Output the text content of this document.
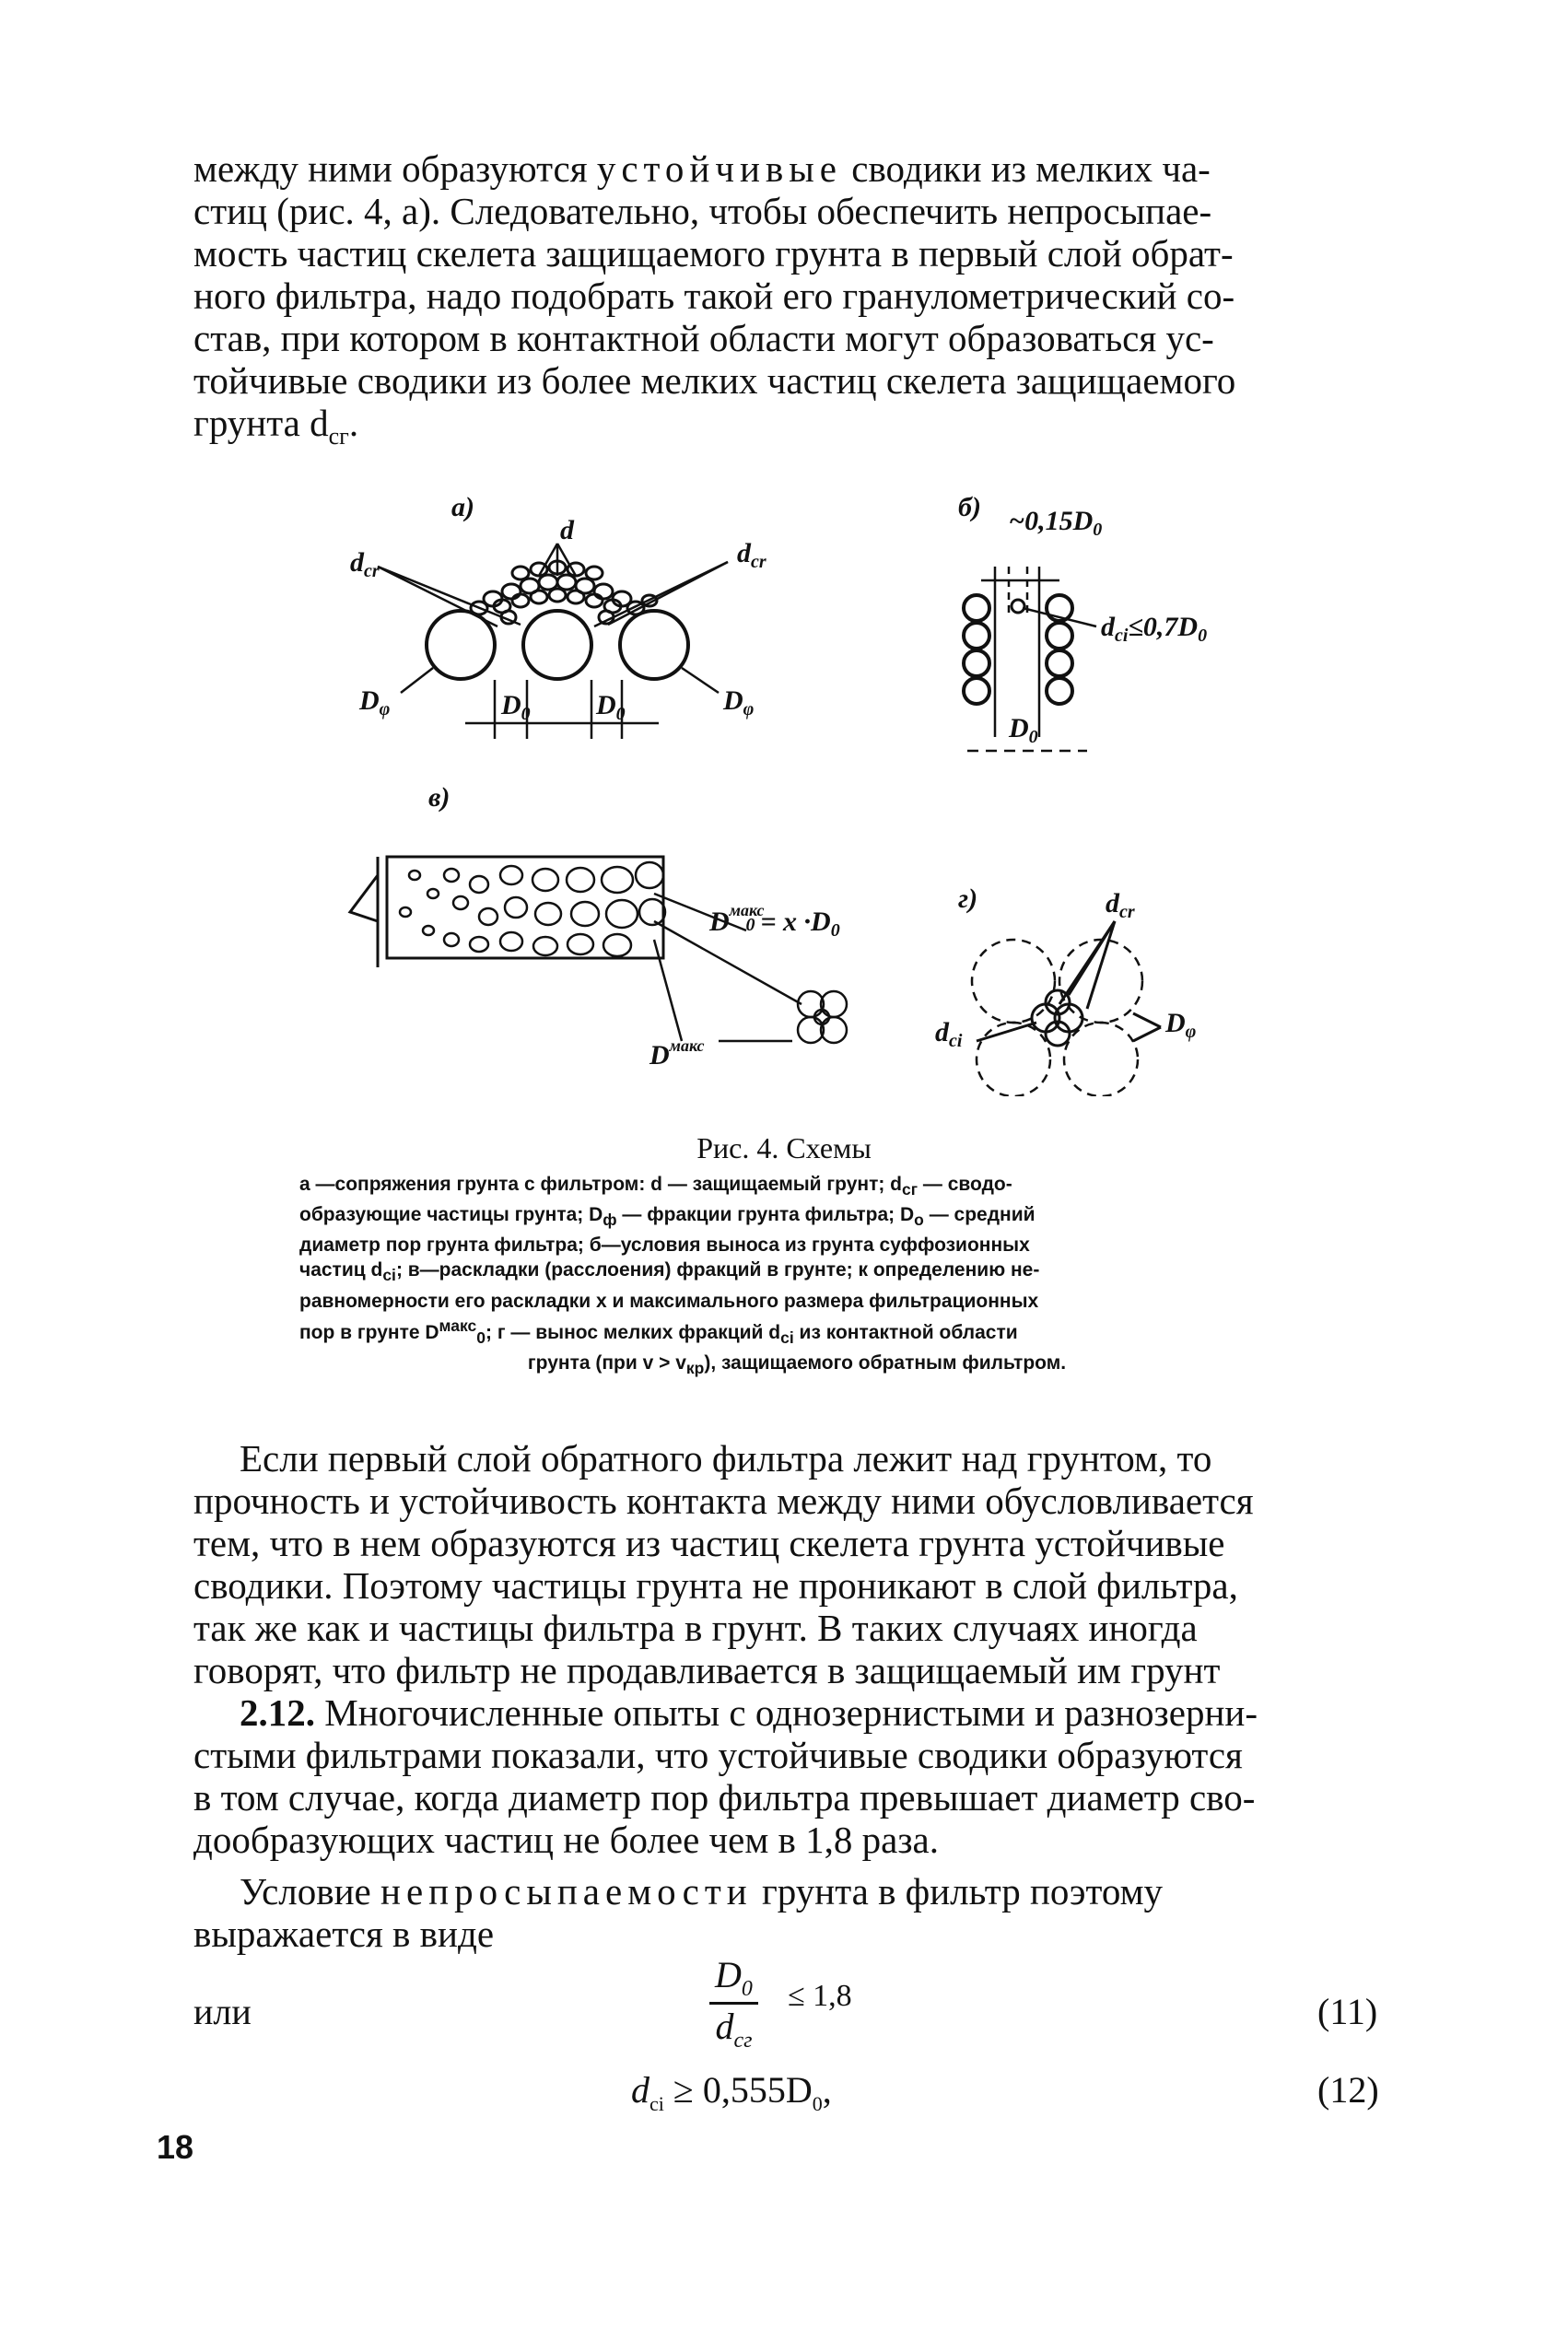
между ними образуются устойчивые сводики из мелких ча-
стиц (рис. 4, а). Следовательно, чтобы обеспечить непросыпае-
мость частиц скелета защищаемого грунта в первый слой обрат-
ного фильтра, надо подобрать такой его гранулометрический со-
став, при котором в контактной области могут образоваться ус-
тойчивые сводики из более мелких частиц скелета защищаемого
грунта $d_{сг}$.
а)
d
$d_{cr}$
$d_{cr}$
$D_\varphi$	$D_\varphi$
$D_0$ $D_0$
б) $\sim 0,15D_0$
$d_{ci}\le 0,7D_0$
$D_0$
в)
$D^{макс}$ $0 = x \cdot D_0$
$D^{макс}$
г)	$d_{cr}$
$D_\varphi$
$d_{ci}$
Рис. 4. Схемы
а —сопряжения грунта с фильтром: d — защищаемый грунт; $d_{сг}$ — сводо-
образующие частицы грунта; $D_ф$ — фракции грунта фильтра; $D_о$ — средний
диаметр пор грунта фильтра; б—условия выноса из грунта суффозионных
частиц $d_{ci}$; в—раскладки (расслоения) фракций в грунте; к определению не-
равномерности его раскладки x и максимального размера фильтрационных
пор в грунте $D^{макс}_0$; г — вынос мелких фракций $d_{ci}$ из контактной области
грунта (при $v > v_{кр}$), защищаемого обратным фильтром.
Если первый слой обратного фильтра лежит над грунтом, то
прочность и устойчивость контакта между ними обусловливается
тем, что в нем образуются из частиц скелета грунта устойчивые
сводики. Поэтому частицы грунта не проникают в слой фильтра,
так же как и частицы фильтра в грунт. В таких случаях иногда
говорят, что фильтр не продавливается в защищаемый им грунт
2.12. Многочисленные опыты с однозернистыми и разнозерни-
стыми фильтрами показали, что устойчивые сводики образуются
в том случае, когда диаметр пор фильтра превышает диаметр сво-
дообразующих частиц не более чем в 1,8 раза.
Условие непросыпаемости грунта в фильтр поэтому
выражается в виде
$D_0$
$d_{сг}$
≤ 1,8	(11)
или
$d_{ci} \ge 0,555D_0$,	(12)
18
